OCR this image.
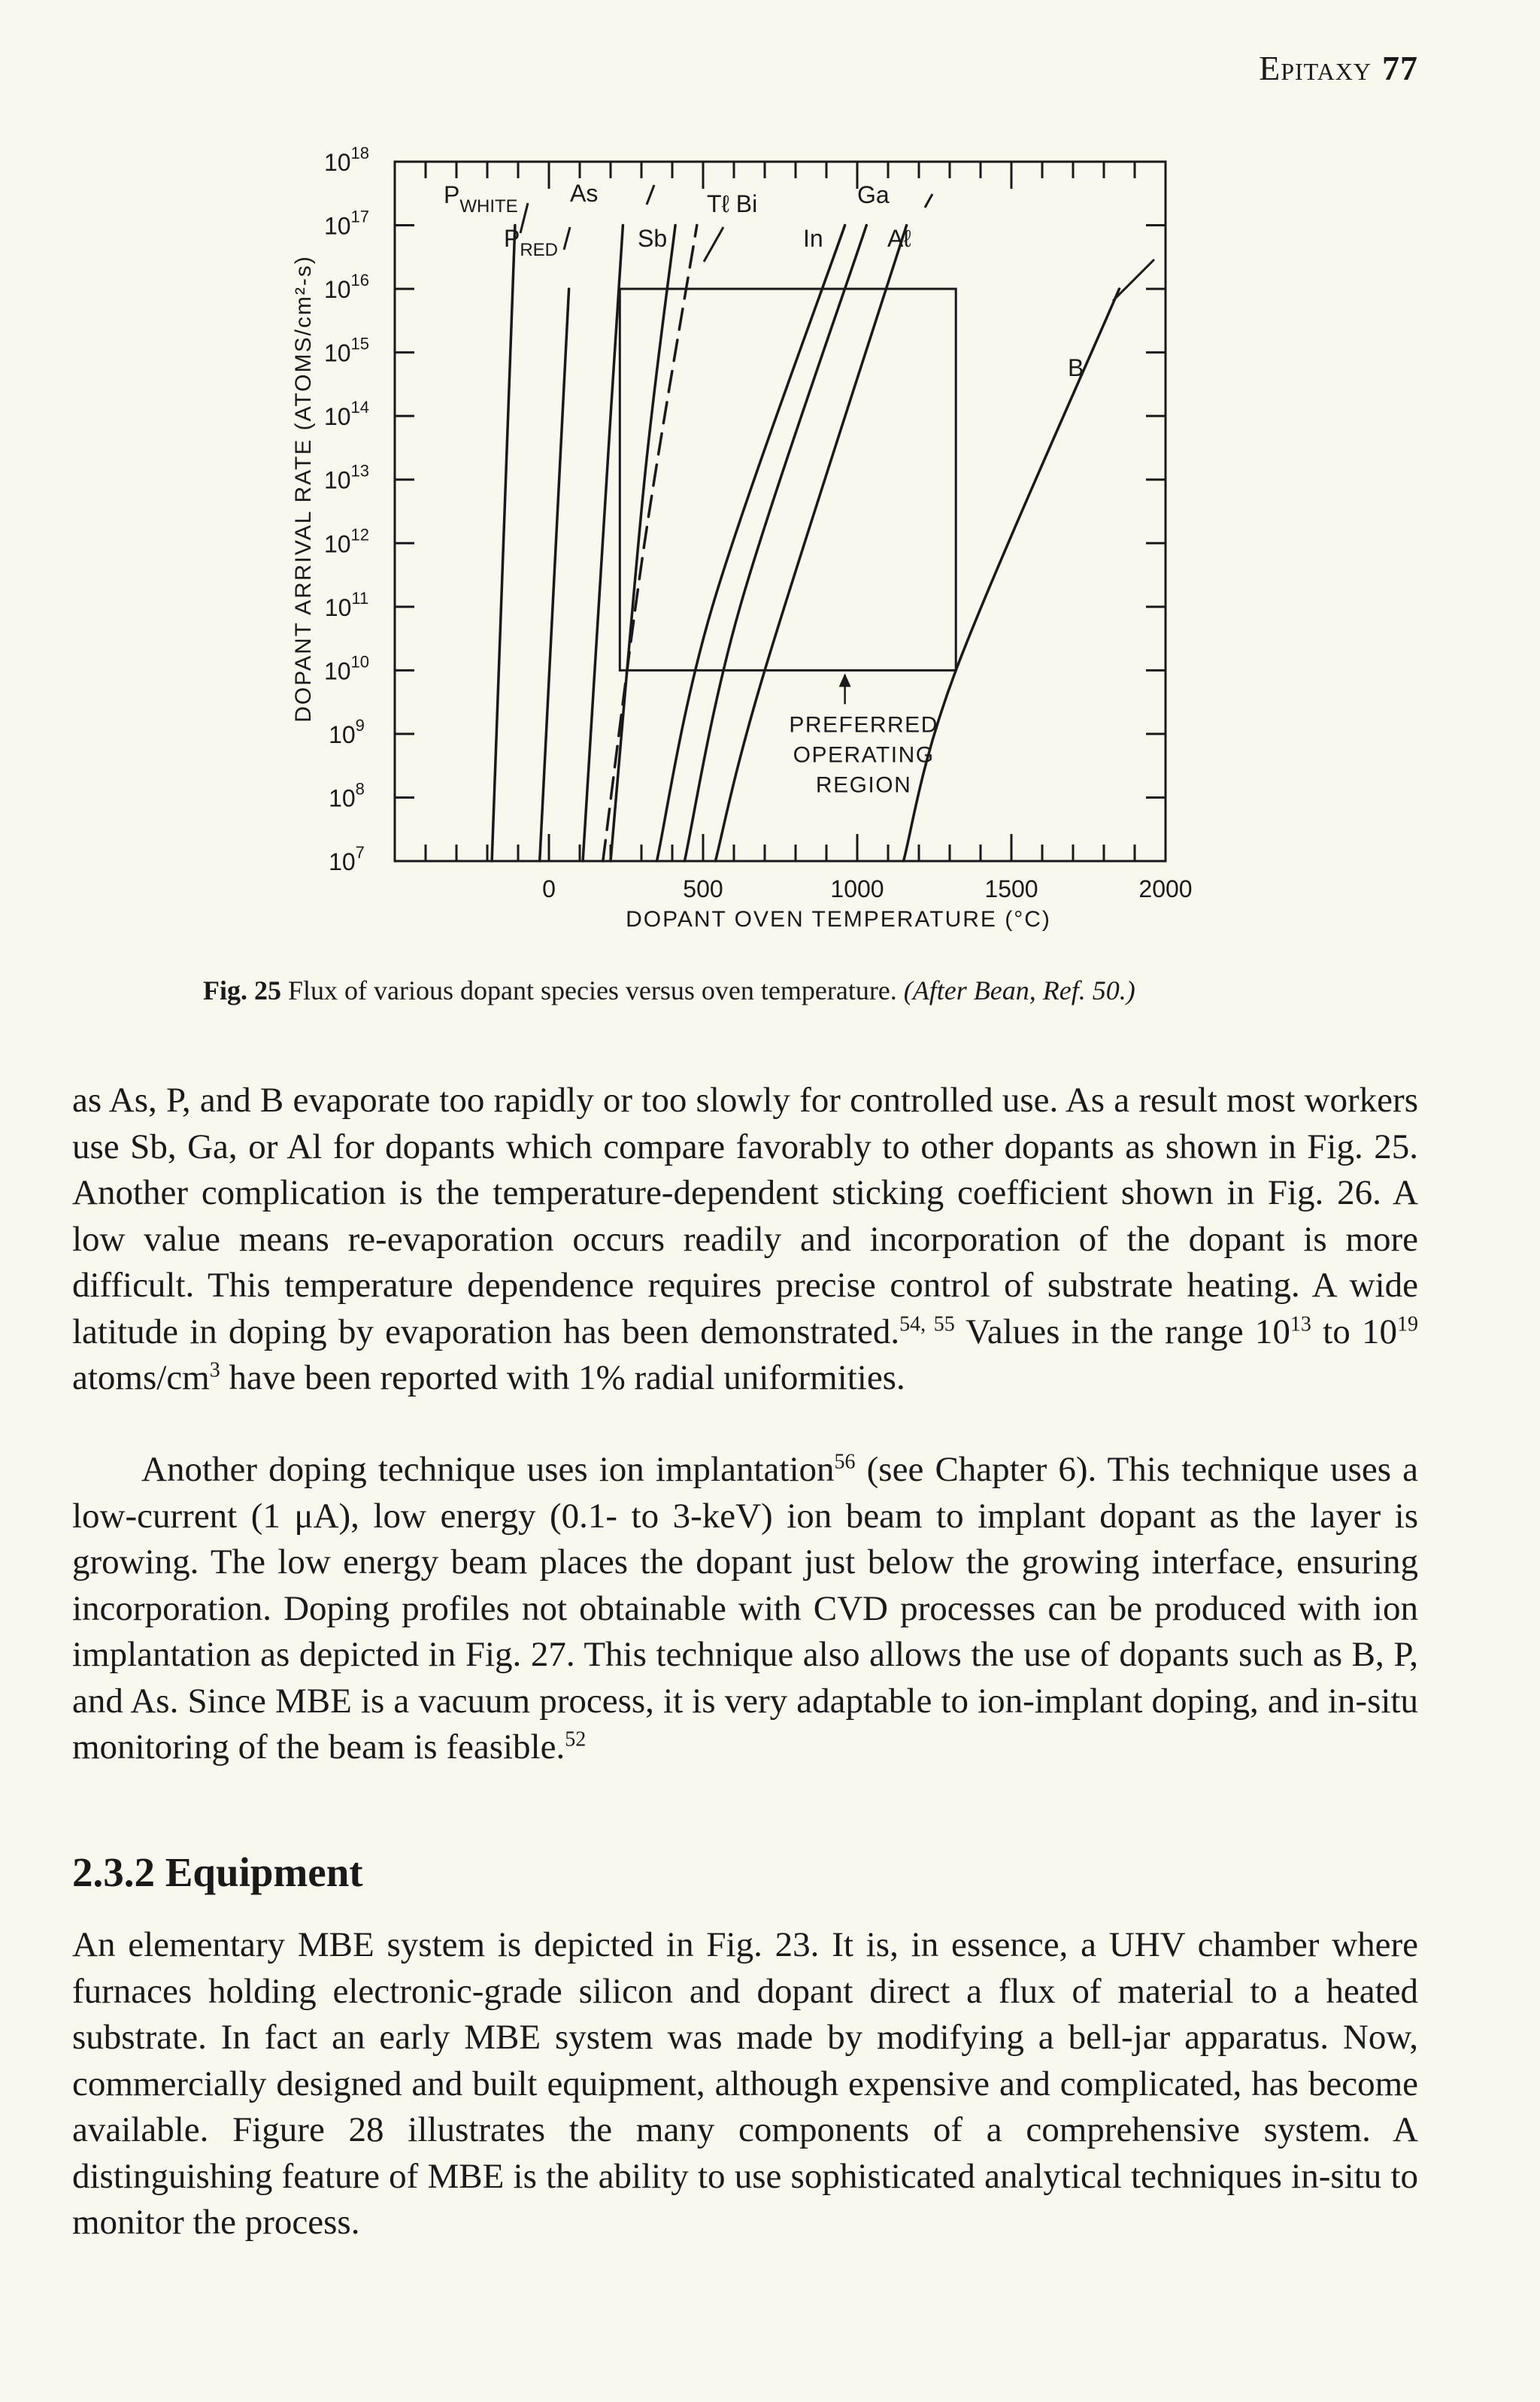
Epitaxy 77
$10^7$
$10^8$
$10^9$
$10^{10}$
$10^{11}$
$10^{12}$
$10^{13}$
$10^{14}$
$10^{15}$
$10^{16}$
$10^{17}$
$10^{18}$
0	500	1000	1500	2000
PREFERRED
OPERATING
REGION
$P_{WHITE}$
$P_{RED}$
As
Sb
Tℓ Bi
In
Ga
Aℓ
B
DOPANT ARRIVAL RATE (ATOMS/cm²-s)
DOPANT OVEN TEMPERATURE (°C)
Fig. 25 Flux of various dopant species versus oven temperature. (After Bean, Ref. 50.)

as As, P, and B evaporate too rapidly or too slowly for controlled use. As a result most workers use Sb, Ga, or Al for dopants which compare favorably to other dopants as shown in Fig. 25. Another complication is the temperature-dependent sticking coefficient shown in Fig. 26. A low value means re-evaporation occurs readily and incorporation of the dopant is more difficult. This temperature dependence requires precise control of substrate heating. A wide latitude in doping by evaporation has been demonstrated.$^{54, 55}$ Values in the range $10^{13}$ to $10^{19}$ atoms/$cm^3$ have been reported with 1% radial uniformities.

Another doping technique uses ion implantation$^{56}$ (see Chapter 6). This technique uses a low-current (1 μA), low energy (0.1- to 3-keV) ion beam to implant dopant as the layer is growing. The low energy beam places the dopant just below the growing interface, ensuring incorporation. Doping profiles not obtainable with CVD processes can be produced with ion implantation as depicted in Fig. 27. This technique also allows the use of dopants such as B, P, and As. Since MBE is a vacuum process, it is very adaptable to ion-implant doping, and in-situ monitoring of the beam is feasible.$^{52}$

2.3.2 Equipment

An elementary MBE system is depicted in Fig. 23. It is, in essence, a UHV chamber where furnaces holding electronic-grade silicon and dopant direct a flux of material to a heated substrate. In fact an early MBE system was made by modifying a bell-jar apparatus. Now, commercially designed and built equipment, although expensive and complicated, has become available. Figure 28 illustrates the many components of a comprehensive system. A distinguishing feature of MBE is the ability to use sophisticated analytical techniques in-situ to monitor the process.
